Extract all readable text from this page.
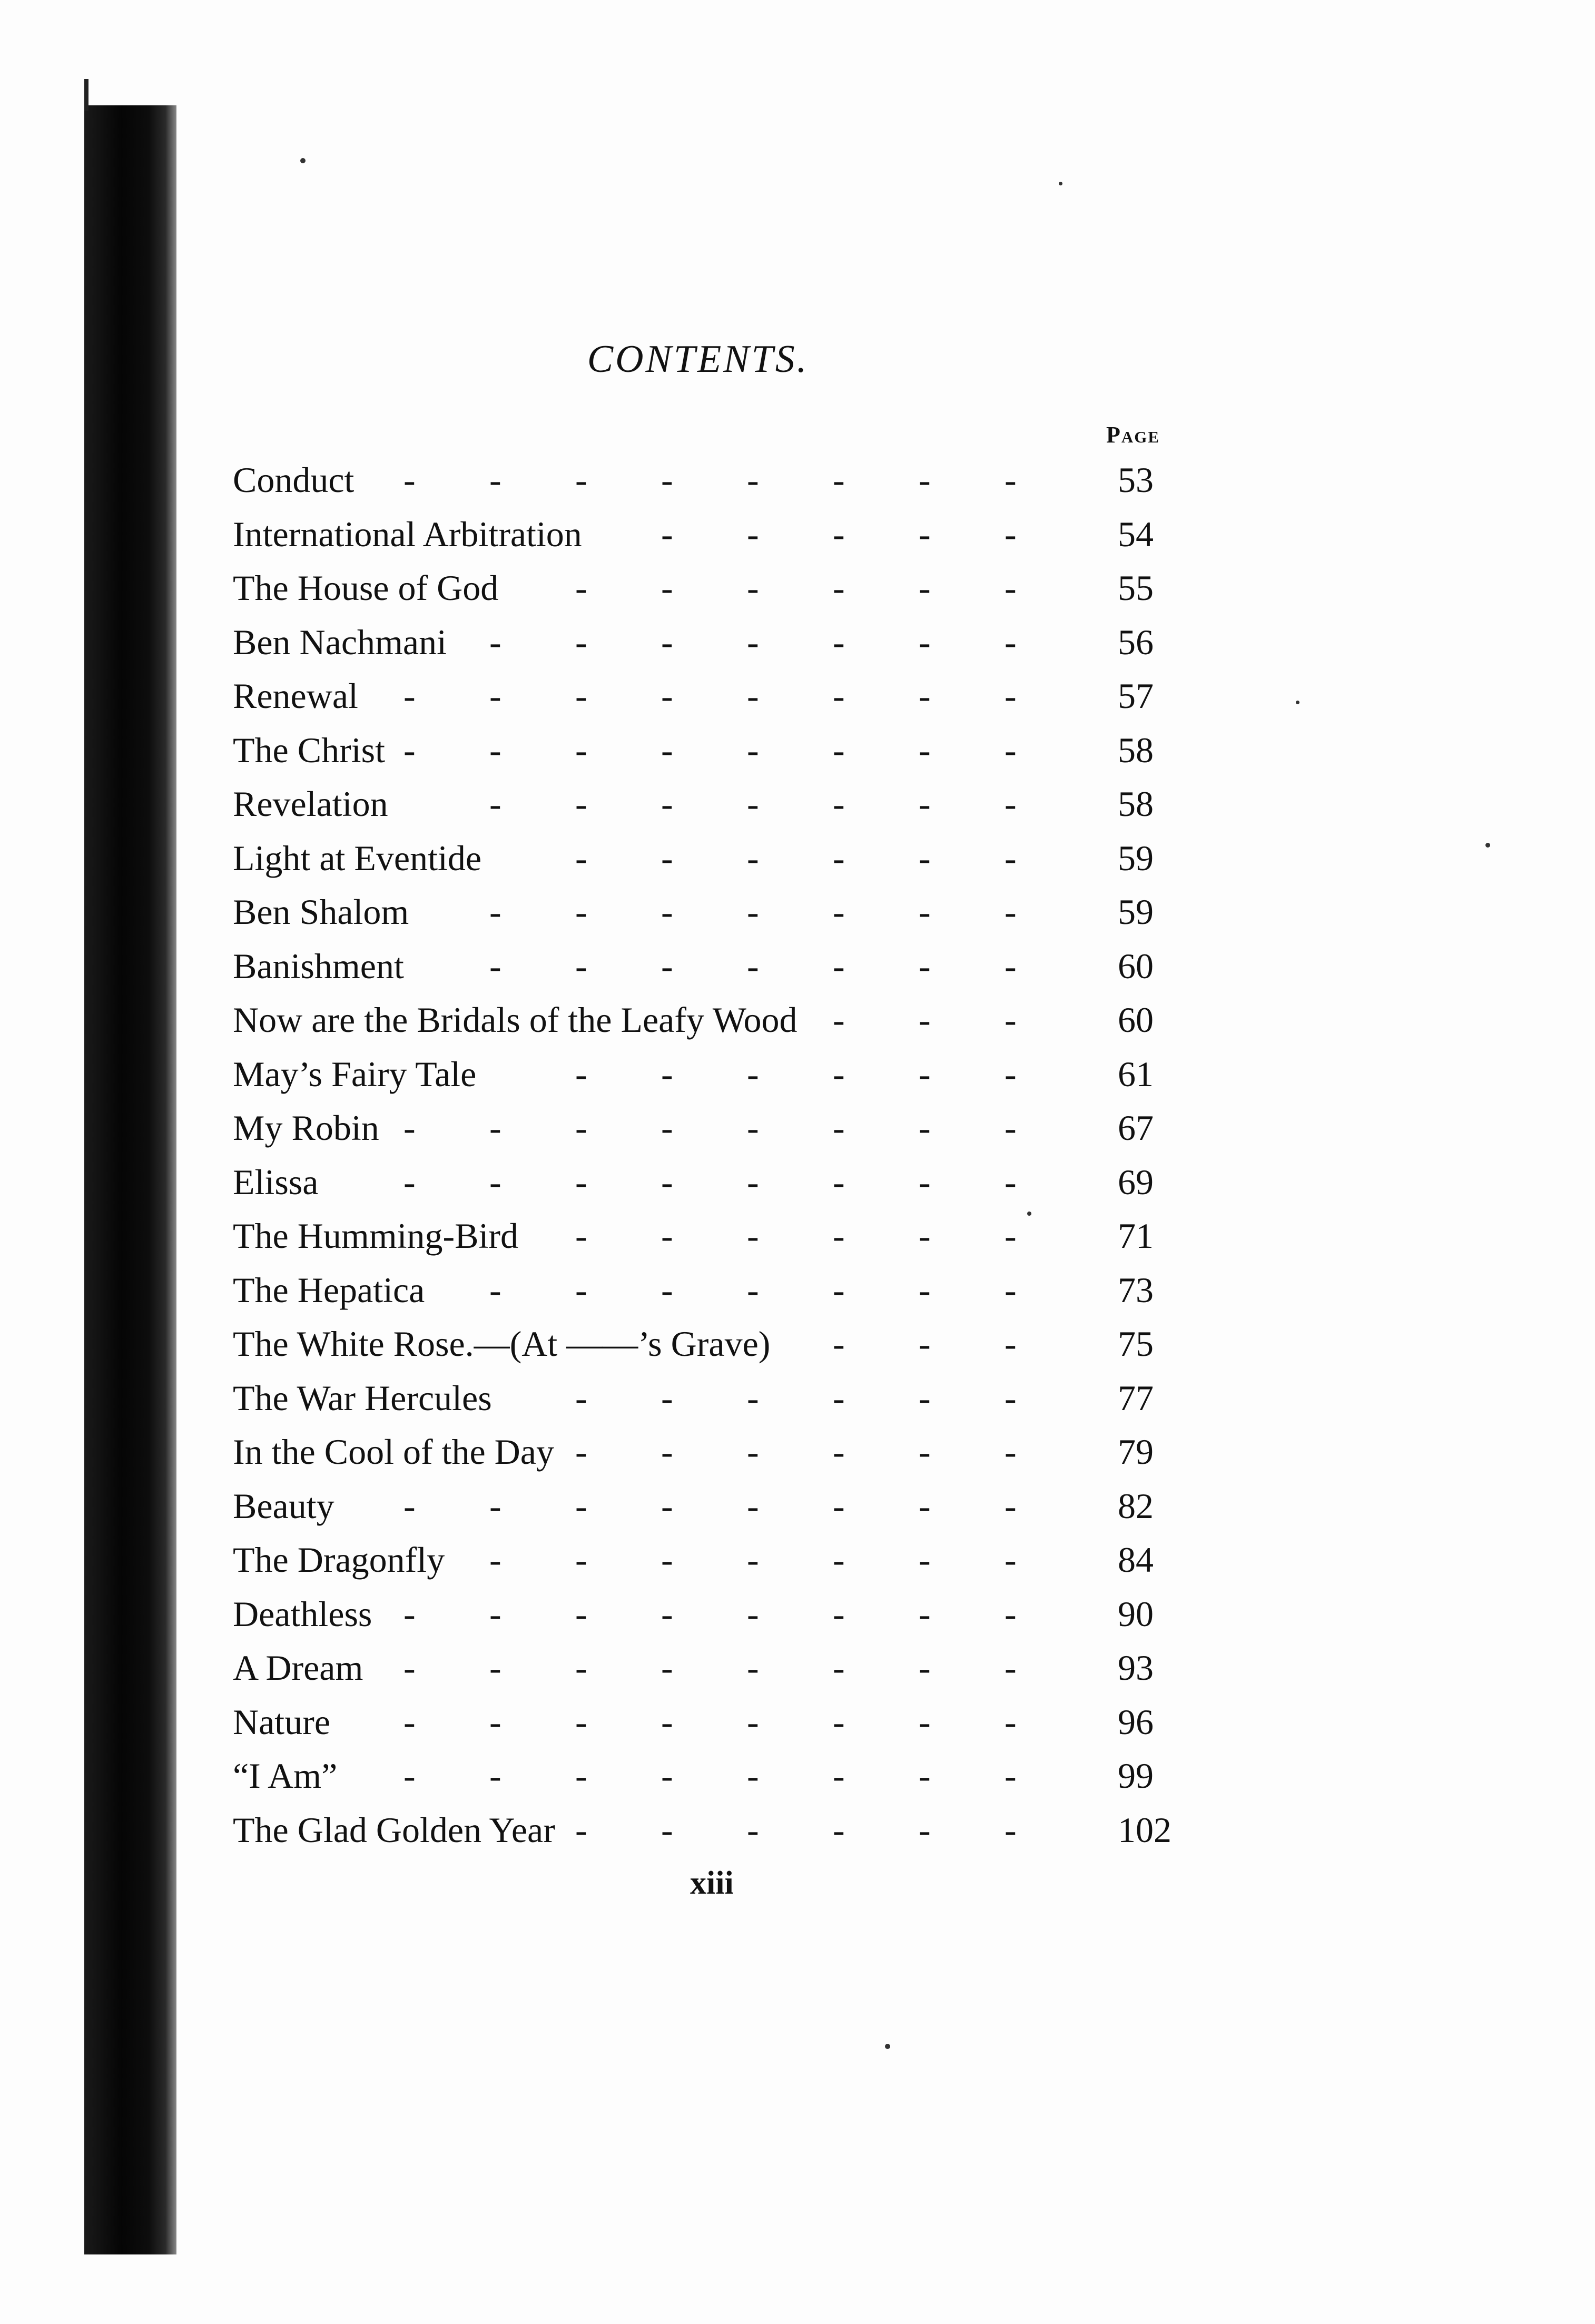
CONTENTS.
Page
- - - - - - - -
Conduct	53
- - - - -
International Arbitration	54
- - - - - -
The House of God	55
- - - - - - -
Ben Nachmani	56
- - - - - - - -
Renewal	57
- - - - - - - -
The Christ	58
- - - - - - -
Revelation	58
- - - - - -
Light at Eventide	59
- - - - - - -
Ben Shalom	59
- - - - - - -
Banishment	60
- - -
Now are the Bridals of the Leafy Wood	60
- - - - - -
May’s Fairy Tale	61
- - - - - - - -
My Robin	67
- - - - - - - -
Elissa	69
- - - - - -
The Humming-Bird	71
- - - - - - -
The Hepatica	73
- - -
The White Rose.—(At ——’s Grave)	75
- - - - - -
The War Hercules	77
- - - - - -
In the Cool of the Day	79
- - - - - - - -
Beauty	82
- - - - - - -
The Dragonfly	84
- - - - - - - -
Deathless	90
- - - - - - - -
A Dream	93
- - - - - - - -
Nature	96
- - - - - - - -
“I Am”	99
- - - - - -
The Glad Golden Year	102
xiii
